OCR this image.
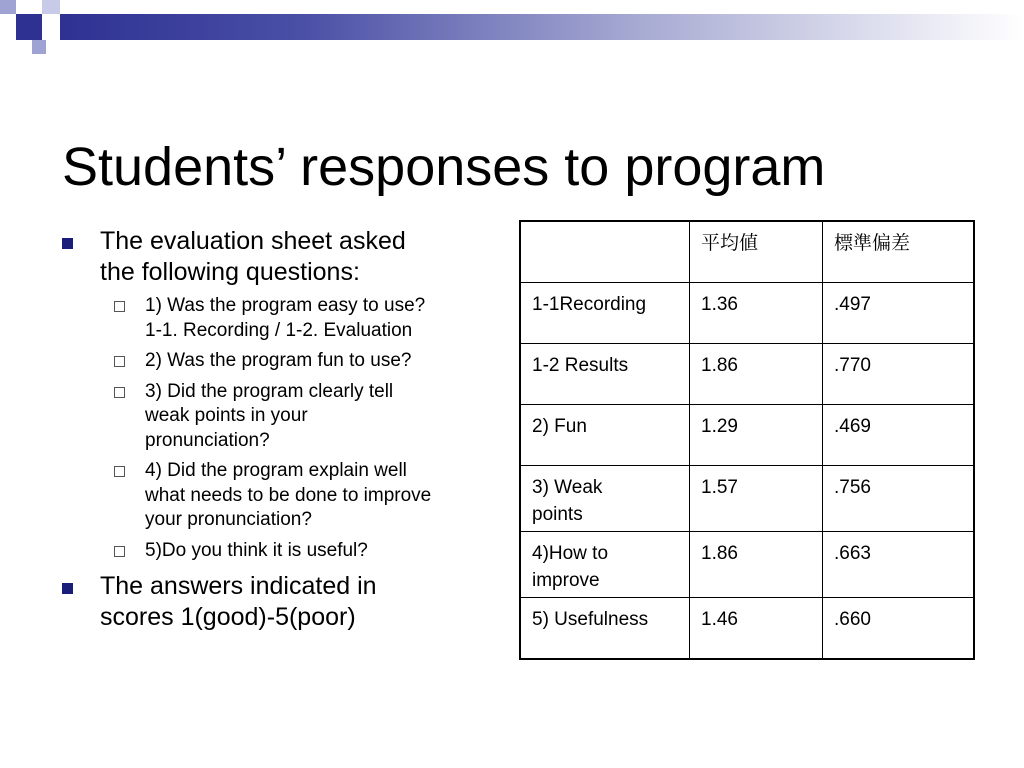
Students’ responses to program
The evaluation sheet asked
the following questions:
1) Was the program easy to use?
1-1. Recording / 1-2. Evaluation
2) Was the program fun to use?
3) Did the program clearly tell
weak points in your
pronunciation?
4) Did the program explain well
what needs to be done to improve
your pronunciation?
5)Do you think it is useful?
The answers indicated in
scores 1(good)-5(poor)
	平均値	標準偏差

1-1Recording	1.36	.497

1-2 Results	1.86	.770

2) Fun	1.29	.469

3) Weak
points	1.57	.756

4)How to
improve	1.86	.663

5) Usefulness	1.46	.660
